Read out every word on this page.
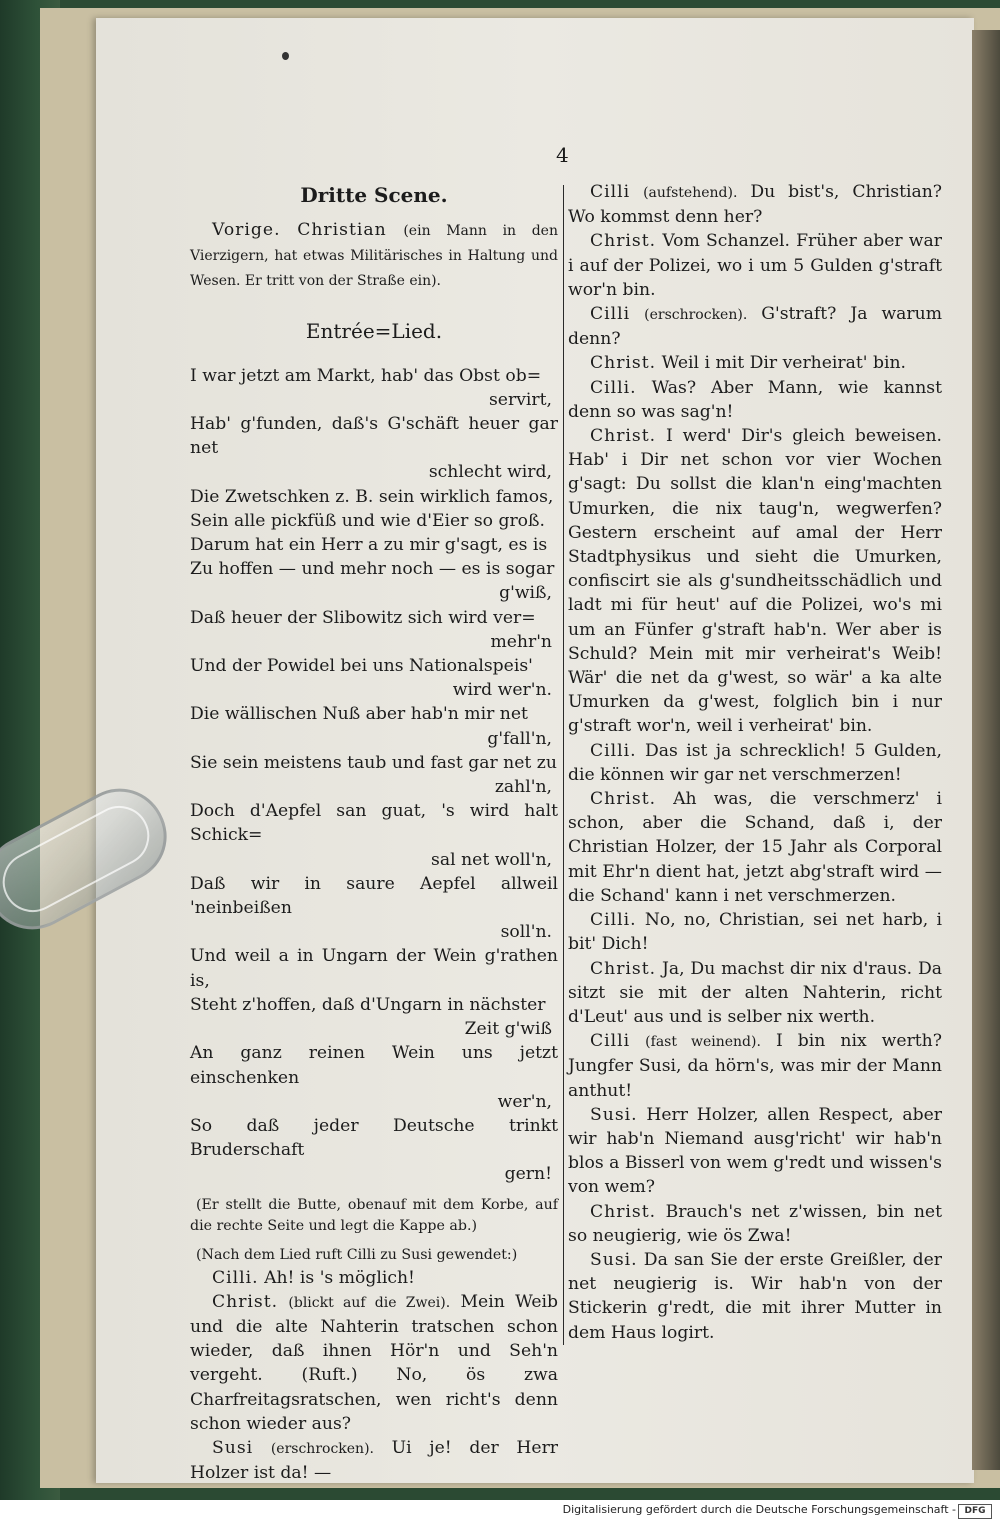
4

Dritte Scene.

Vorige. Christian (ein Mann in den Vierzigern, hat etwas Militärisches in Haltung und Wesen. Er tritt von der Straße ein).

Entrée=Lied.

I war jetzt am Markt, hab' das Obst ob=

servirt,

Hab' g'funden, daß's G'schäft heuer gar net

schlecht wird,

Die Zwetschken z. B. sein wirklich famos,

Sein alle pickfüß und wie d'Eier so groß.

Darum hat ein Herr a zu mir g'sagt, es is

Zu hoffen — und mehr noch — es is sogar

g'wiß,

Daß heuer der Slibowitz sich wird ver=

mehr'n

Und der Powidel bei uns Nationalspeis'

wird wer'n.

Die wällischen Nuß aber hab'n mir net

g'fall'n,

Sie sein meistens taub und fast gar net zu

zahl'n,

Doch d'Aepfel san guat, 's wird halt Schick=

sal net woll'n,

Daß wir in saure Aepfel allweil 'neinbeißen

soll'n.

Und weil a in Ungarn der Wein g'rathen is,

Steht z'hoffen, daß d'Ungarn in nächster

Zeit g'wiß

An ganz reinen Wein uns jetzt einschenken

wer'n,

So daß jeder Deutsche trinkt Bruderschaft

gern!

(Er stellt die Butte, obenauf mit dem Korbe, auf die rechte Seite und legt die Kappe ab.)

(Nach dem Lied ruft Cilli zu Susi gewendet:)

Cilli. Ah! is 's möglich!

Christ. (blickt auf die Zwei). Mein Weib und die alte Nahterin tratschen schon wieder, daß ihnen Hör'n und Seh'n vergeht. (Ruft.) No, ös zwa Charfreitagsratschen, wen richt's denn schon wieder aus?

Susi (erschrocken). Ui je! der Herr Holzer ist da! —

Cilli (aufstehend). Du bist's, Christian? Wo kommst denn her?

Christ. Vom Schanzel. Früher aber war i auf der Polizei, wo i um 5 Gulden g'straft wor'n bin.

Cilli (erschrocken). G'straft? Ja warum denn?

Christ. Weil i mit Dir verheirat' bin.

Cilli. Was? Aber Mann, wie kannst denn so was sag'n!

Christ. I werd' Dir's gleich beweisen. Hab' i Dir net schon vor vier Wochen g'sagt: Du sollst die klan'n eing'machten Umurken, die nix taug'n, wegwerfen? Gestern erscheint auf amal der Herr Stadtphysikus und sieht die Umurken, confiscirt sie als g'sundheitsschädlich und ladt mi für heut' auf die Polizei, wo's mi um an Fünfer g'straft hab'n. Wer aber is Schuld? Mein mit mir verheirat's Weib! Wär' die net da g'west, so wär' a ka alte Umurken da g'west, folglich bin i nur g'straft wor'n, weil i verheirat' bin.

Cilli. Das ist ja schrecklich! 5 Gulden, die können wir gar net verschmerzen!

Christ. Ah was, die verschmerz' i schon, aber die Schand, daß i, der Christian Holzer, der 15 Jahr als Corporal mit Ehr'n dient hat, jetzt abg'straft wird — die Schand' kann i net verschmerzen.

Cilli. No, no, Christian, sei net harb, i bit' Dich!

Christ. Ja, Du machst dir nix d'raus. Da sitzt sie mit der alten Nahterin, richt d'Leut' aus und is selber nix werth.

Cilli (fast weinend). I bin nix werth? Jungfer Susi, da hörn's, was mir der Mann anthut!

Susi. Herr Holzer, allen Respect, aber wir hab'n Niemand ausg'richt' wir hab'n blos a Bisserl von wem g'redt und wissen's von wem?

Christ. Brauch's net z'wissen, bin net so neugierig, wie ös Zwa!

Susi. Da san Sie der erste Greißler, der net neugierig is. Wir hab'n von der Stickerin g'redt, die mit ihrer Mutter in dem Haus logirt.

Digitalisierung gefördert durch die Deutsche Forschungsgemeinschaft - DFG
